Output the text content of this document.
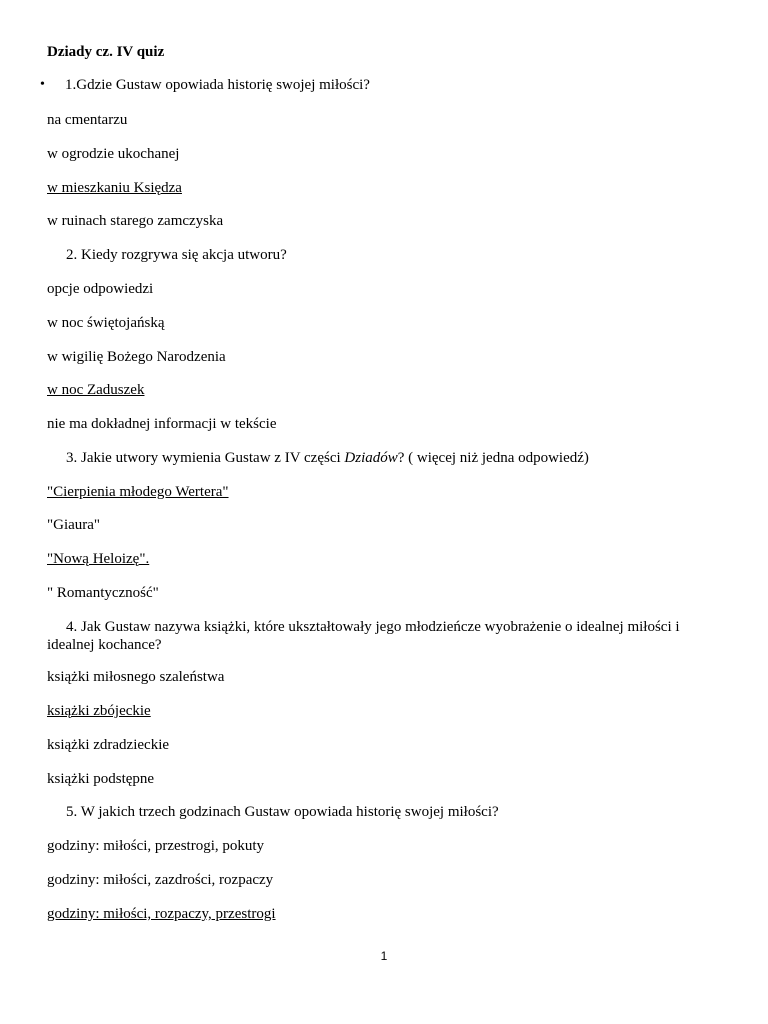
Dziady cz. IV quiz
• 1.Gdzie Gustaw opowiada historię swojej miłości?
na cmentarzu
w ogrodzie ukochanej
w mieszkaniu Księdza
w ruinach starego zamczyska
2. Kiedy rozgrywa się akcja utworu?
opcje odpowiedzi
w noc świętojańską
w wigilię Bożego Narodzenia
w noc Zaduszek
nie ma dokładnej informacji w tekście
3. Jakie utwory wymienia Gustaw z IV części Dziadów? ( więcej niż jedna odpowiedź)
"Cierpienia młodego Wertera"
"Giaura"
"Nową Heloizę".
" Romantyczność"
4. Jak Gustaw nazywa książki, które ukształtowały jego młodzieńcze wyobrażenie o idealnej miłości i idealnej kochance?
książki miłosnego szaleństwa
książki zbójeckie
książki zdradzieckie
książki podstępne
5. W jakich trzech godzinach Gustaw opowiada historię swojej miłości?
godziny: miłości, przestrogi, pokuty
godziny: miłości, zazdrości, rozpaczy
godziny: miłości, rozpaczy, przestrogi
1
